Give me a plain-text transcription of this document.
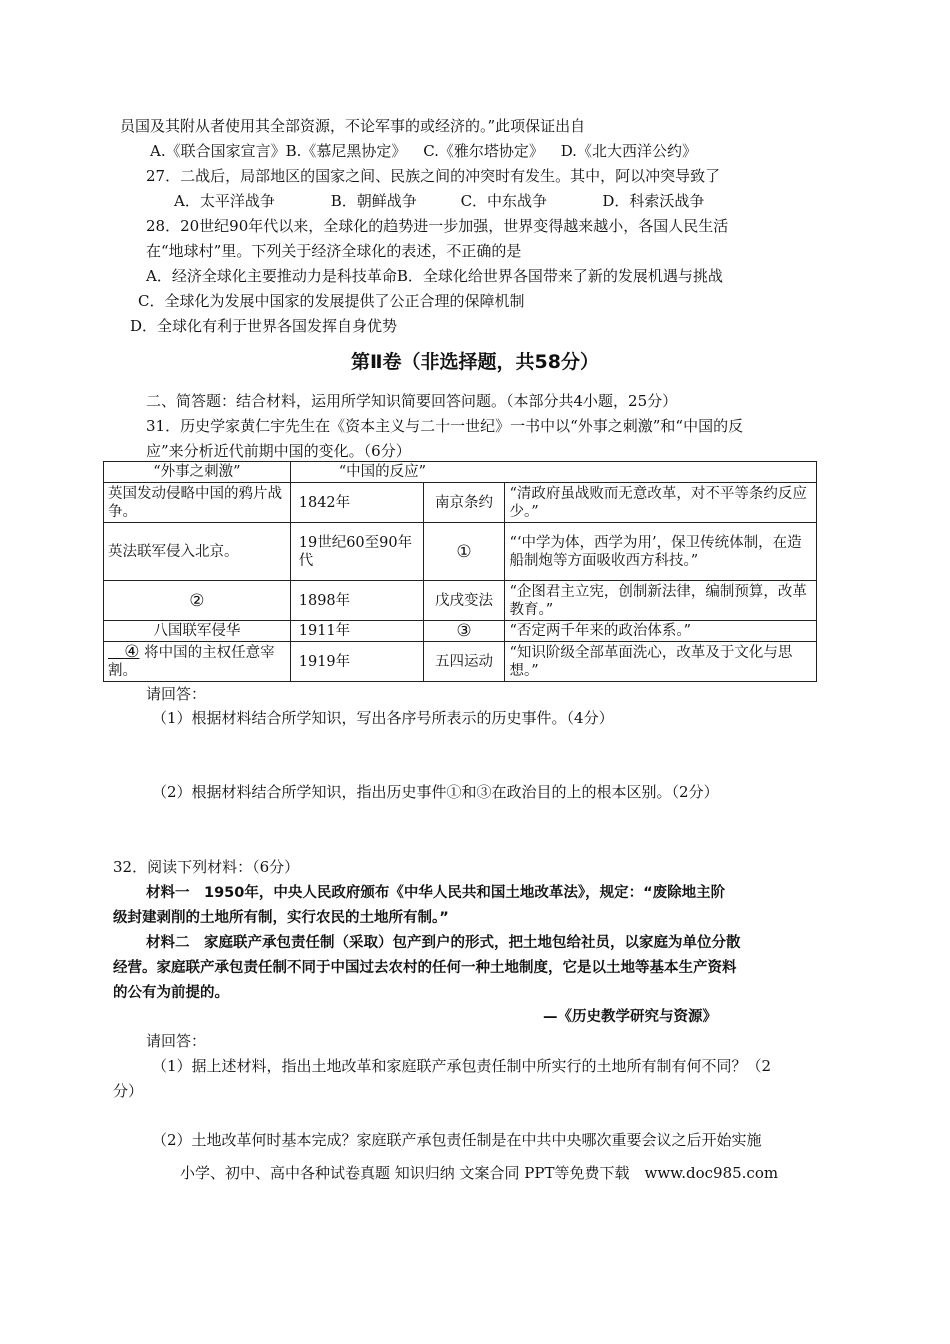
员国及其附从者使用其全部资源，不论军事的或经济的。”此项保证出自
A.《联合国家宣言》B.《慕尼黑协定》 C.《雅尔塔协定》 D.《北大西洋公约》
27．二战后，局部地区的国家之间、民族之间的冲突时有发生。其中，阿以冲突导致了
A．太平洋战争	B．朝鲜战争	C．中东战争	D．科索沃战争
28．20世纪90年代以来，全球化的趋势进一步加强，世界变得越来越小，各国人民生活
在“地球村”里。下列关于经济全球化的表述，不正确的是
A．经济全球化主要推动力是科技革命B．全球化给世界各国带来了新的发展机遇与挑战
C．全球化为发展中国家的发展提供了公正合理的保障机制
D．全球化有利于世界各国发挥自身优势
第Ⅱ卷（非选择题，共58分）
二、简答题：结合材料，运用所学知识简要回答问题。（本部分共4小题，25分）
31．历史学家黄仁宇先生在《资本主义与二十一世纪》一书中以“外事之刺激”和“中国的反
应”来分析近代前期中国的变化。（6分）
“外事之刺激”	“中国的反应”		
英国发动侵略中国的鸦片战争。	1842年	南京条约	“清政府虽战败而无意改革，对不平等条约反应少。”
英法联军侵入北京。	19世纪60至90年代	①	“‘中学为体，西学为用’，保卫传统体制，在造船制炮等方面吸收西方科技。”
②	1898年	戊戌变法	“企图君主立宪，创制新法律，编制预算，改革教育。”
八国联军侵华	1911年	③	“否定两千年来的政治体系。”
④ 将中国的主权任意宰割。	1919年	五四运动	“知识阶级全部革面洗心，改革及于文化与思想。”
请回答：
（1）根据材料结合所学知识，写出各序号所表示的历史事件。（4分）
（2）根据材料结合所学知识，指出历史事件①和③在政治目的上的根本区别。（2分）
32．阅读下列材料：（6分）
材料一　1950年，中央人民政府颁布《中华人民共和国土地改革法》，规定：“废除地主阶
级封建剥削的土地所有制，实行农民的土地所有制。”
材料二　家庭联产承包责任制（采取）包产到户的形式，把土地包给社员，以家庭为单位分散
经营。家庭联产承包责任制不同于中国过去农村的任何一种土地制度，它是以土地等基本生产资料
的公有为前提的。
—《历史教学研究与资源》
请回答：
（1）据上述材料，指出土地改革和家庭联产承包责任制中所实行的土地所有制有何不同？（2
分）
（2）土地改革何时基本完成？家庭联产承包责任制是在中共中央哪次重要会议之后开始实施
小学、初中、高中各种试卷真题 知识归纳 文案合同 PPT等免费下载　www.doc985.com
